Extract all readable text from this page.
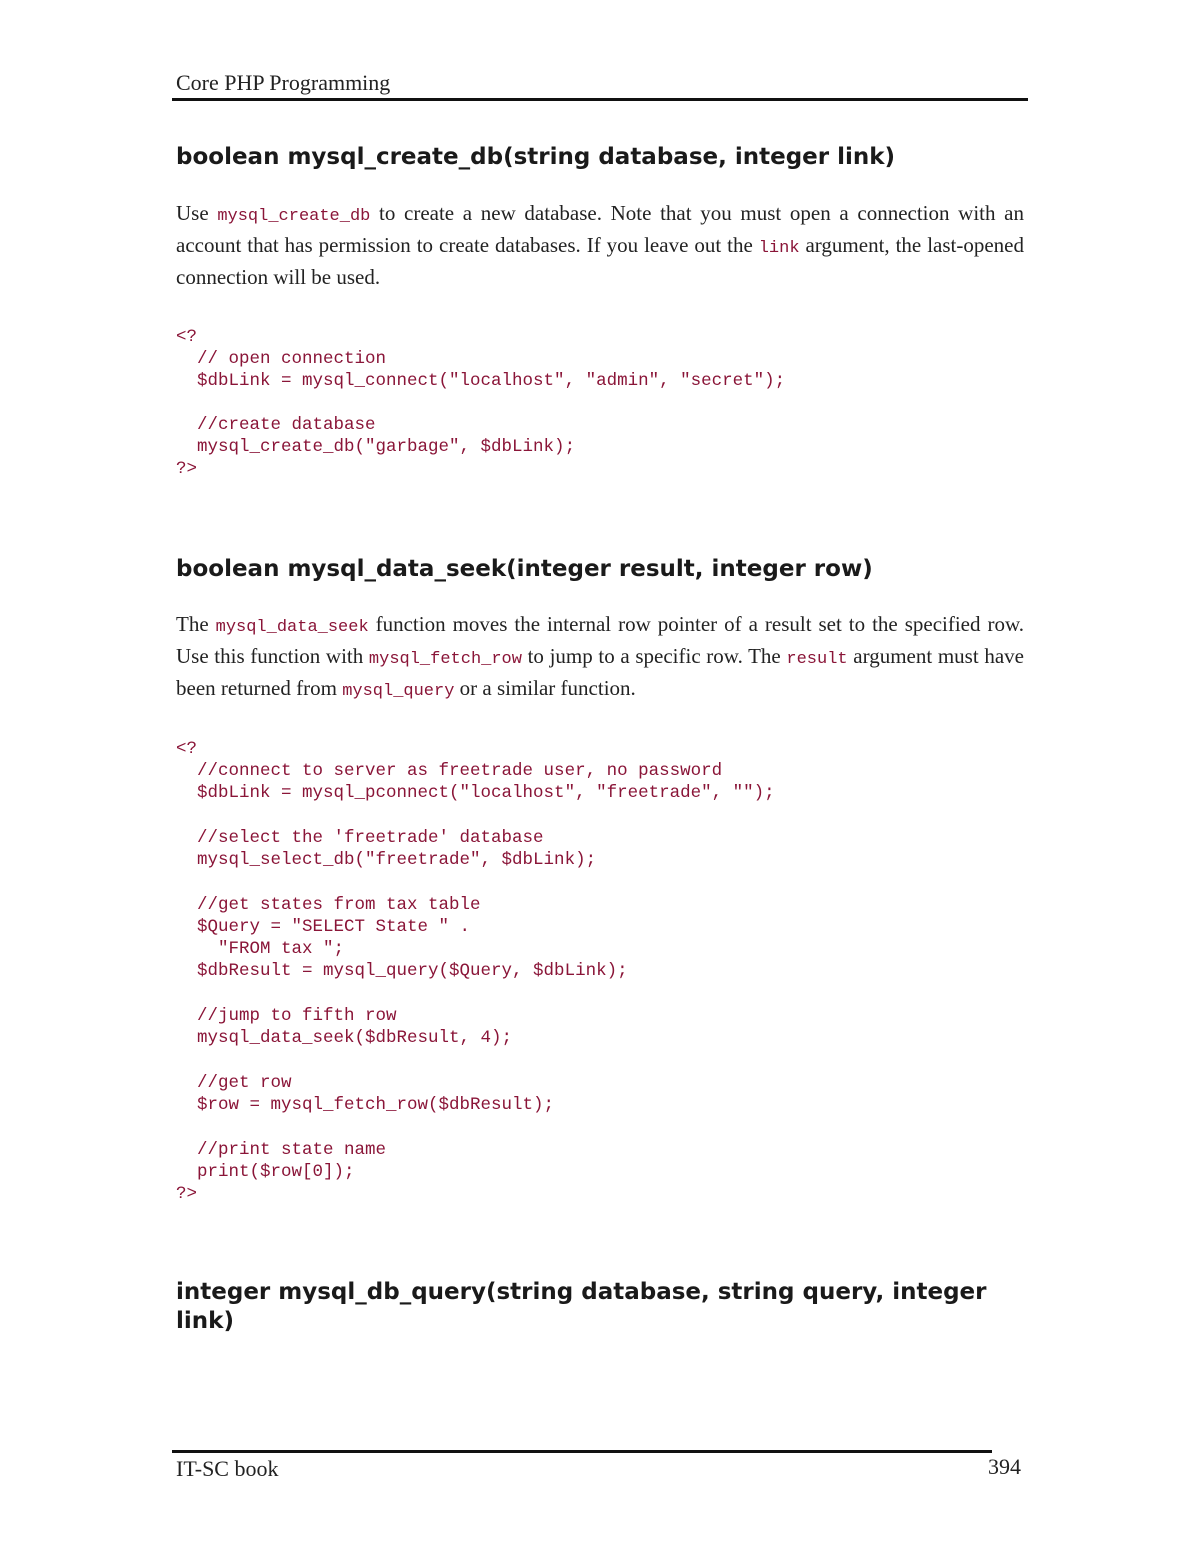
Core PHP Programming
boolean mysql_create_db(string database, integer link)

Use mysql_create_db to create a new database. Note that you must open a connection with an account that has permission to create databases. If you leave out the link argument, the last-opened connection will be used.

<?
// open connection
$dbLink = mysql_connect("localhost", "admin", "secret");
//create database
mysql_create_db("garbage", $dbLink);
?>
boolean mysql_data_seek(integer result, integer row)

The mysql_data_seek function moves the internal row pointer of a result set to the specified row. Use this function with mysql_fetch_row to jump to a specific row. The result argument must have been returned from mysql_query or a similar function.

<?
//connect to server as freetrade user, no password
$dbLink = mysql_pconnect("localhost", "freetrade", "");
//select the 'freetrade' database
mysql_select_db("freetrade", $dbLink);
//get states from tax table
$Query = "SELECT State " .
"FROM tax ";
$dbResult = mysql_query($Query, $dbLink);
//jump to fifth row
mysql_data_seek($dbResult, 4);
//get row
$row = mysql_fetch_row($dbResult);
//print state name
print($row[0]);
?>
integer mysql_db_query(string database, string query, integer link)
IT-SC book	394
